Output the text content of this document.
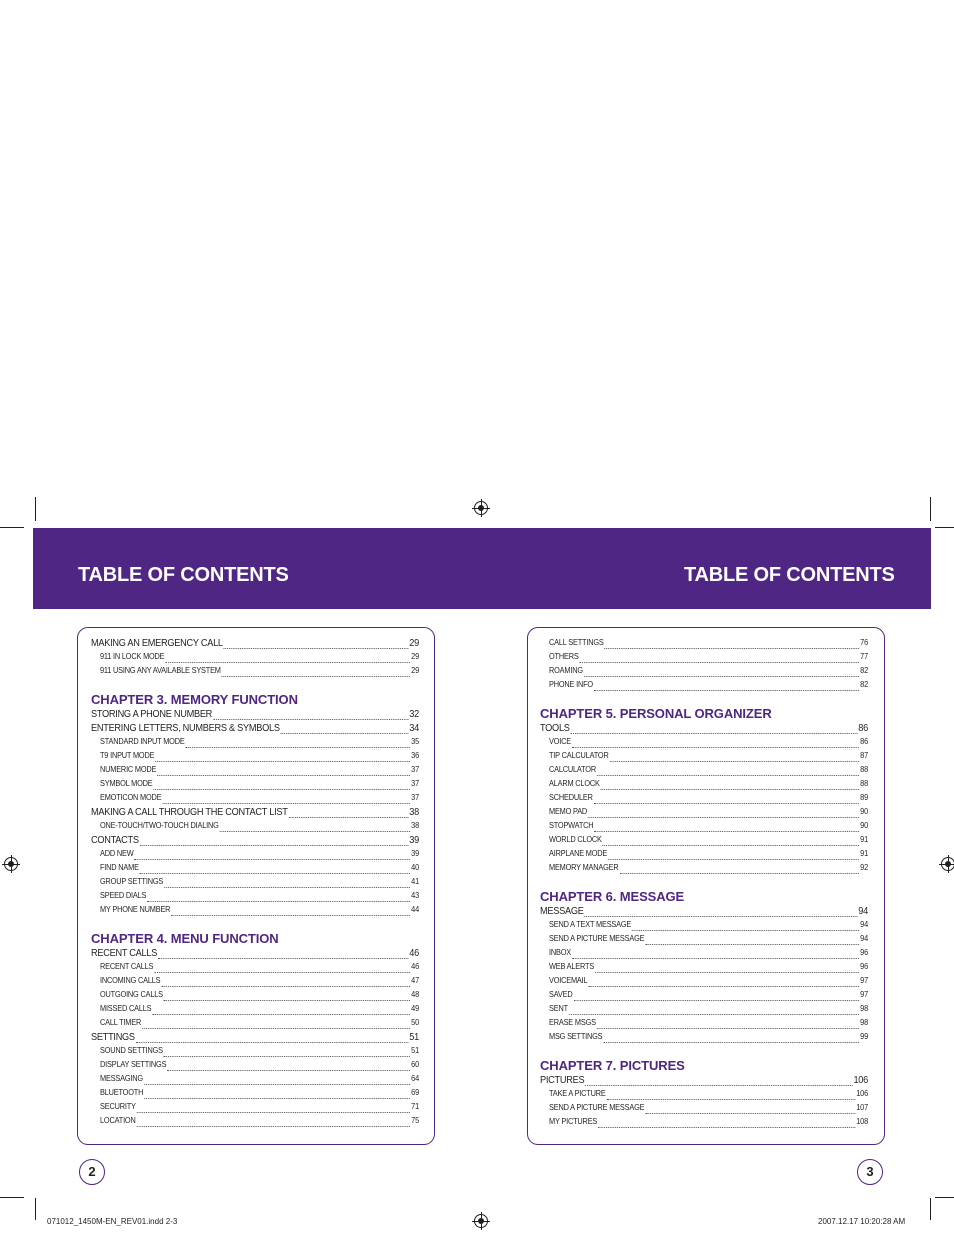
TABLE OF CONTENTS	TABLE OF CONTENTS
MAKING AN EMERGENCY CALL	29
911 IN LOCK MODE	29
911 USING ANY AVAILABLE SYSTEM	29
CHAPTER 3. MEMORY FUNCTION
STORING A PHONE NUMBER	32
ENTERING LETTERS, NUMBERS & SYMBOLS	34
STANDARD INPUT MODE	35
T9 INPUT MODE	36
NUMERIC MODE	37
SYMBOL MODE	37
EMOTICON MODE	37
MAKING A CALL THROUGH THE CONTACT LIST	38
ONE-TOUCH/TWO-TOUCH DIALING	38
CONTACTS	39
ADD NEW	39
FIND NAME	40
GROUP SETTINGS	41
SPEED DIALS	43
MY PHONE NUMBER	44
CHAPTER 4. MENU FUNCTION
RECENT CALLS	46
RECENT CALLS	46
INCOMING CALLS	47
OUTGOING CALLS	48
MISSED CALLS	49
CALL TIMER	50
SETTINGS	51
SOUND SETTINGS	51
DISPLAY SETTINGS	60
MESSAGING	64
BLUETOOTH	69
SECURITY	71
LOCATION	75
CALL SETTINGS	76
OTHERS	77
ROAMING	82
PHONE INFO	82
CHAPTER 5. PERSONAL ORGANIZER
TOOLS	86
VOICE	86
TIP CALCULATOR	87
CALCULATOR	88
ALARM CLOCK	88
SCHEDULER	89
MEMO PAD	90
STOPWATCH	90
WORLD CLOCK	91
AIRPLANE MODE	91
MEMORY MANAGER	92
CHAPTER 6. MESSAGE
MESSAGE	94
SEND A TEXT MESSAGE	94
SEND A PICTURE MESSAGE	94
INBOX	96
WEB ALERTS	96
VOICEMAIL	97
SAVED	97
SENT	98
ERASE MSGS	98
MSG SETTINGS	99
CHAPTER 7. PICTURES
PICTURES	106
TAKE A PICTURE	106
SEND A PICTURE MESSAGE	107
MY PICTURES	108
2	3
071012_1450M-EN_REV01.indd 2-3	2007.12.17 10:20:28 AM
